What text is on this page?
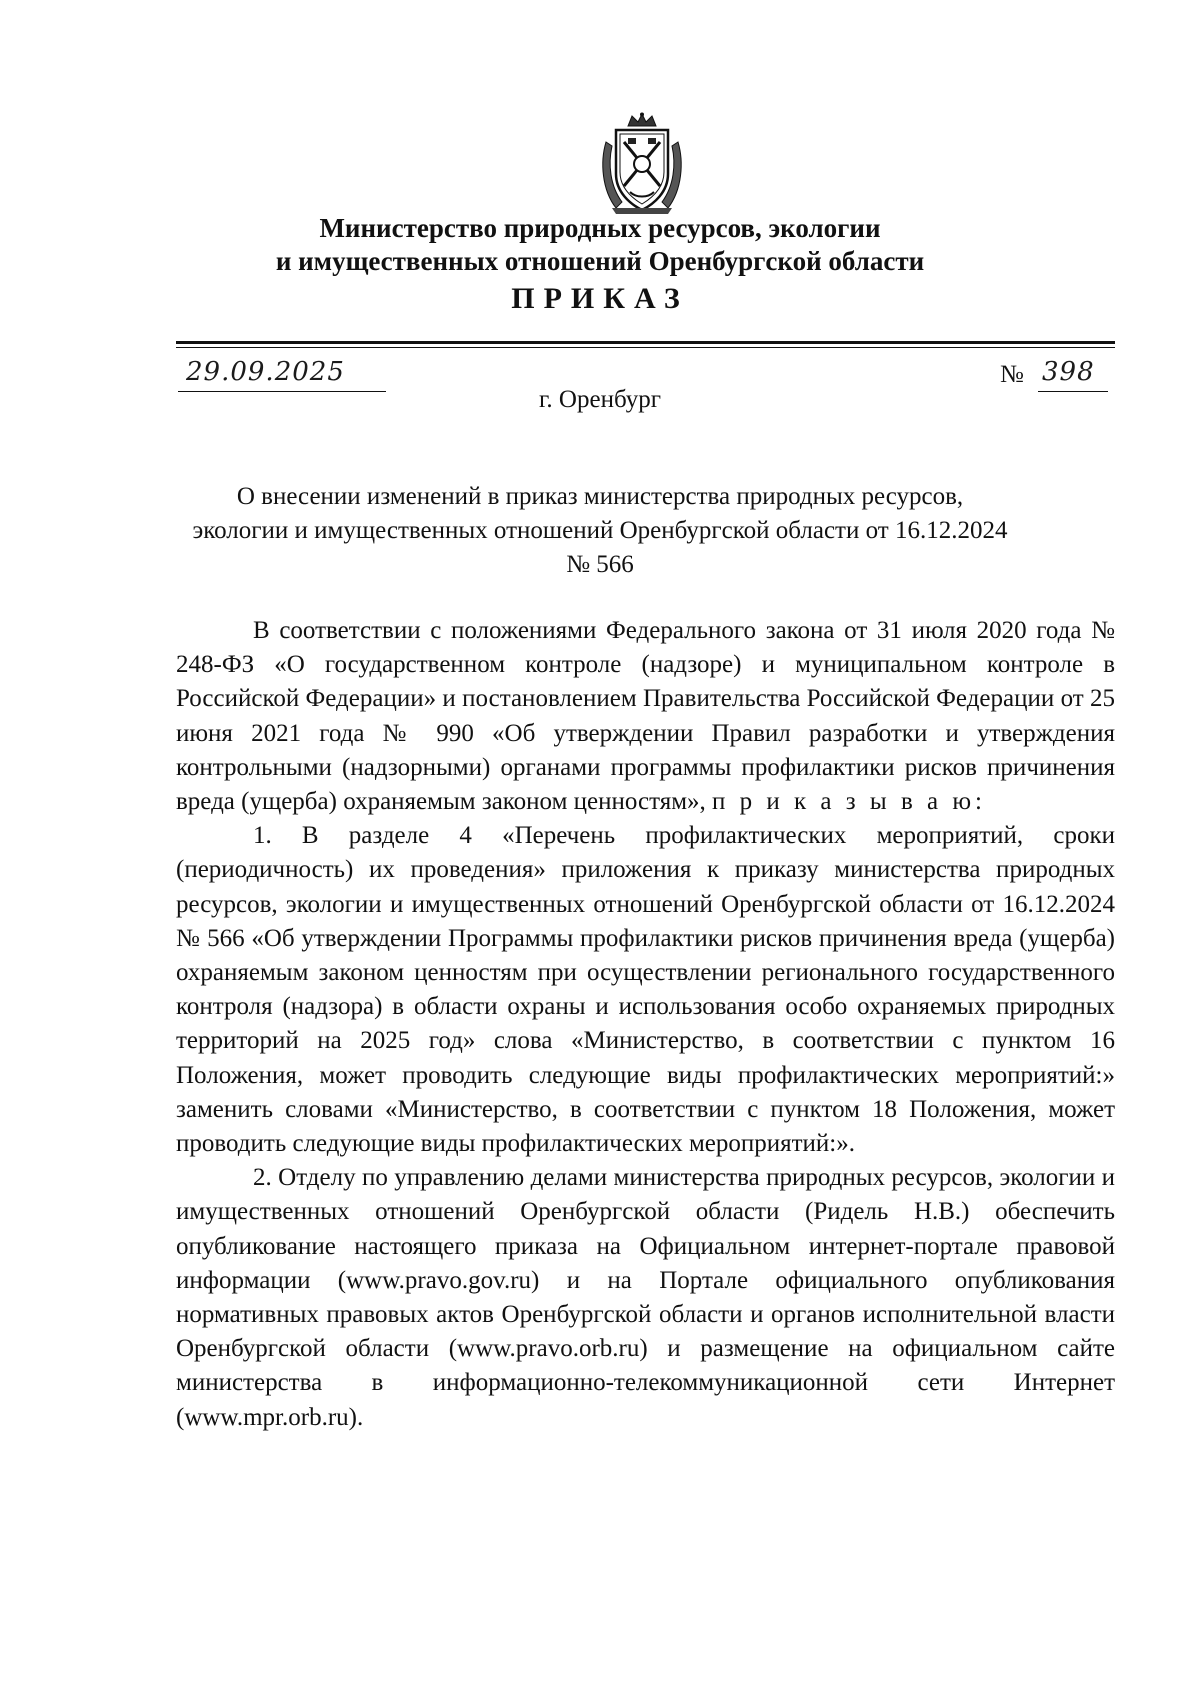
Министерство природных ресурсов, экологии
и имущественных отношений Оренбургской области
ПРИКАЗ
29.09.2025	№ 398
г. Оренбург
О внесении изменений в приказ министерства природных ресурсов,
экологии и имущественных отношений Оренбургской области от 16.12.2024
№ 566

В соответствии с положениями Федерального закона от 31 июля 2020 года № 248-ФЗ «О государственном контроле (надзоре) и муниципальном контроле в Российской Федерации» и постановлением Правительства Российской Федерации от 25 июня 2021 года № 990 «Об утверждении Правил разработки и утверждения контрольными (надзорными) органами программы профилактики рисков причинения вреда (ущерба) охраняемым законом ценностям», п р и к а з ы в а ю:

1. В разделе 4 «Перечень профилактических мероприятий, сроки (периодичность) их проведения» приложения к приказу министерства природных ресурсов, экологии и имущественных отношений Оренбургской области от 16.12.2024 № 566 «Об утверждении Программы профилактики рисков причинения вреда (ущерба) охраняемым законом ценностям при осуществлении регионального государственного контроля (надзора) в области охраны и использования особо охраняемых природных территорий на 2025 год» слова «Министерство, в соответствии с пунктом 16 Положения, может проводить следующие виды профилактических мероприятий:» заменить словами «Министерство, в соответствии с пунктом 18 Положения, может проводить следующие виды профилактических мероприятий:».

2. Отделу по управлению делами министерства природных ресурсов, экологии и имущественных отношений Оренбургской области (Ридель Н.В.) обеспечить опубликование настоящего приказа на Официальном интернет-портале правовой информации (www.pravo.gov.ru) и на Портале официального опубликования нормативных правовых актов Оренбургской области и органов исполнительной власти Оренбургской области (www.pravo.orb.ru) и размещение на официальном сайте министерства в информационно-телекоммуникационной сети Интернет (www.mpr.orb.ru).
